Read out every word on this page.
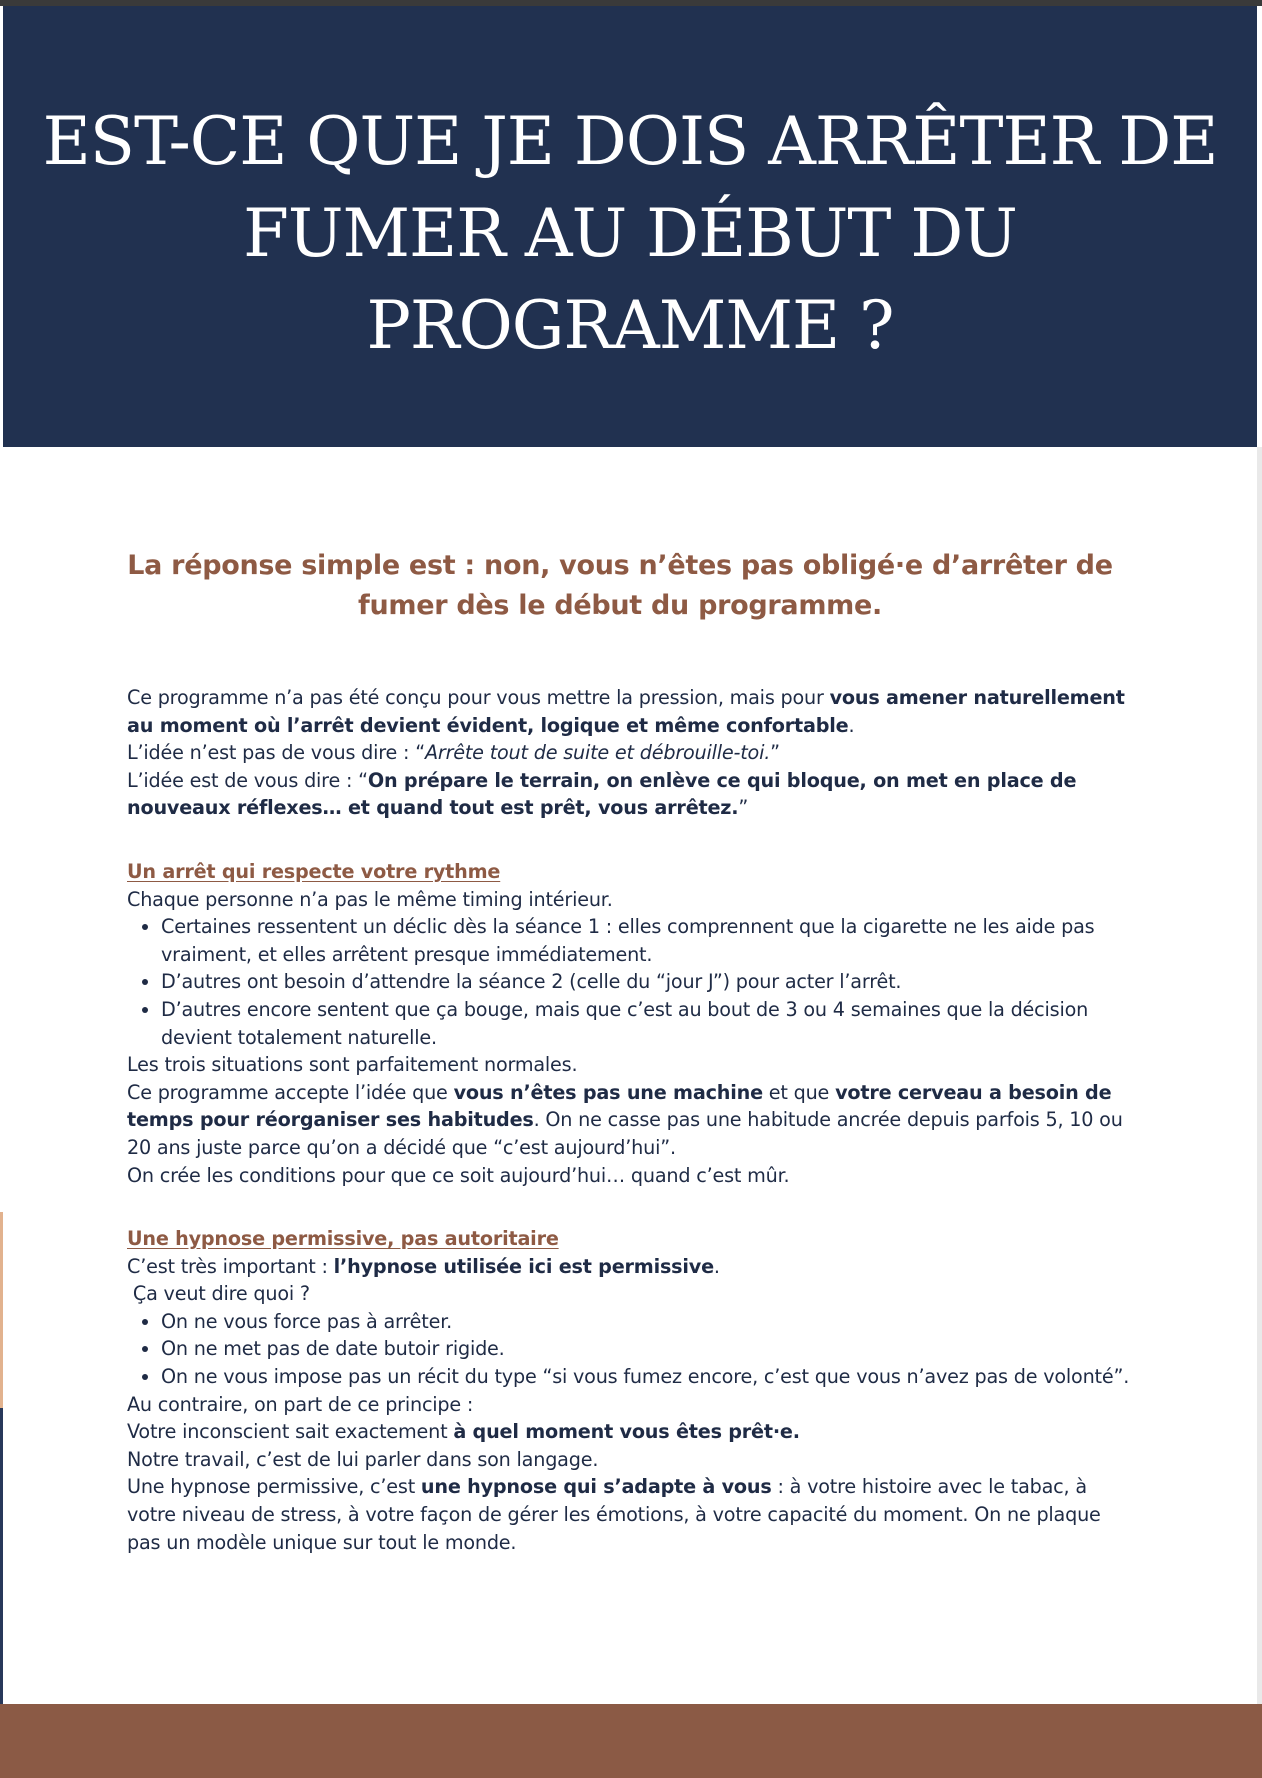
EST-CE QUE JE DOIS ARRÊTER DE
FUMER AU DÉBUT DU PROGRAMME ?
La réponse simple est : non, vous n’êtes pas obligé·e d’arrêter de fumer dès le début du programme.

Ce programme n’a pas été conçu pour vous mettre la pression, mais pour vous amener naturellement au moment où l’arrêt devient évident, logique et même confortable.

L’idée n’est pas de vous dire : “Arrête tout de suite et débrouille-toi.”

L’idée est de vous dire : “On prépare le terrain, on enlève ce qui bloque, on met en place de nouveaux réflexes… et quand tout est prêt, vous arrêtez.”

Un arrêt qui respecte votre rythme

Chaque personne n’a pas le même timing intérieur.

• Certaines ressentent un déclic dès la séance 1 : elles comprennent que la cigarette ne les aide pas vraiment, et elles arrêtent presque immédiatement.
• D’autres ont besoin d’attendre la séance 2 (celle du “jour J”) pour acter l’arrêt.
• D’autres encore sentent que ça bouge, mais que c’est au bout de 3 ou 4 semaines que la décision devient totalement naturelle.

Les trois situations sont parfaitement normales.

Ce programme accepte l’idée que vous n’êtes pas une machine et que votre cerveau a besoin de temps pour réorganiser ses habitudes. On ne casse pas une habitude ancrée depuis parfois 5, 10 ou 20 ans juste parce qu’on a décidé que “c’est aujourd’hui”.

On crée les conditions pour que ce soit aujourd’hui… quand c’est mûr.

Une hypnose permissive, pas autoritaire

C’est très important : l’hypnose utilisée ici est permissive.

Ça veut dire quoi ?

• On ne vous force pas à arrêter.
• On ne met pas de date butoir rigide.
• On ne vous impose pas un récit du type “si vous fumez encore, c’est que vous n’avez pas de volonté”.

Au contraire, on part de ce principe :

Votre inconscient sait exactement à quel moment vous êtes prêt·e.

Notre travail, c’est de lui parler dans son langage.

Une hypnose permissive, c’est une hypnose qui s’adapte à vous : à votre histoire avec le tabac, à votre niveau de stress, à votre façon de gérer les émotions, à votre capacité du moment. On ne plaque pas un modèle unique sur tout le monde.
